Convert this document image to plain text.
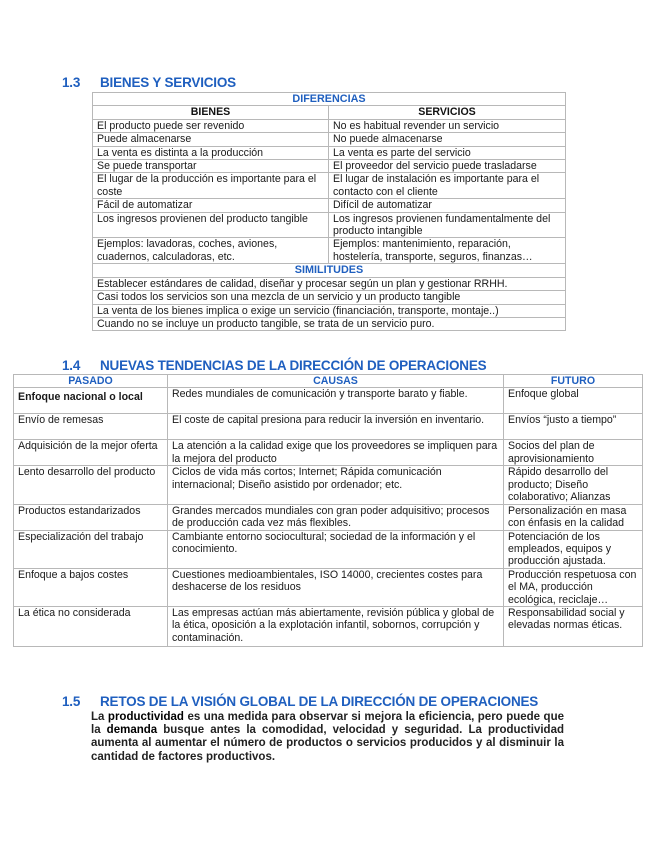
1.3 BIENES Y SERVICIOS
DIFERENCIAS	
BIENES	SERVICIOS
El producto puede ser revenido	No es habitual revender un servicio
Puede almacenarse	No puede almacenarse
La venta es distinta a la producción	La venta es parte del servicio
Se puede transportar	El proveedor del servicio puede trasladarse
El lugar de la producción es importante para el coste	El lugar de instalación es importante para el contacto con el cliente
Fácil de automatizar	Difícil de automatizar
Los ingresos provienen del producto tangible	Los ingresos provienen fundamentalmente del producto intangible
Ejemplos: lavadoras, coches, aviones, cuadernos, calculadoras, etc.	Ejemplos: mantenimiento, reparación, hostelería, transporte, seguros, finanzas…
SIMILITUDES	
Establecer estándares de calidad, diseñar y procesar según un plan y gestionar RRHH.	
Casi todos los servicios son una mezcla de un servicio y un producto tangible	
La venta de los bienes implica o exige un servicio (financiación, transporte, montaje..)	
Cuando no se incluye un producto tangible, se trata de un servicio puro.	
1.4 NUEVAS TENDENCIAS DE LA DIRECCIÓN DE OPERACIONES
PASADO	CAUSAS	FUTURO
Enfoque nacional o local	Redes mundiales de comunicación y transporte barato y fiable.	Enfoque global
Envío de remesas	El coste de capital presiona para reducir la inversión en inventario.	Envíos “justo a tiempo”
Adquisición de la mejor oferta	La atención a la calidad exige que los proveedores se impliquen para la mejora del producto	Socios del plan de aprovisionamiento
Lento desarrollo del producto	Ciclos de vida más cortos; Internet; Rápida comunicación internacional; Diseño asistido por ordenador; etc.	Rápido desarrollo del producto; Diseño colaborativo; Alianzas
Productos estandarizados	Grandes mercados mundiales con gran poder adquisitivo; procesos de producción cada vez más flexibles.	Personalización en masa con énfasis en la calidad
Especialización del trabajo	Cambiante entorno sociocultural; sociedad de la información y el conocimiento.	Potenciación de los empleados, equipos y producción ajustada.
Enfoque a bajos costes	Cuestiones medioambientales, ISO 14000, crecientes costes para deshacerse de los residuos	Producción respetuosa con el MA, producción ecológica, reciclaje…
La ética no considerada	Las empresas actúan más abiertamente, revisión pública y global de la ética, oposición a la explotación infantil, sobornos, corrupción y contaminación.	Responsabilidad social y elevadas normas éticas.
1.5 RETOS DE LA VISIÓN GLOBAL DE LA DIRECCIÓN DE OPERACIONES
La productividad es una medida para observar si mejora la eficiencia, pero puede que la demanda busque antes la comodidad, velocidad y seguridad. La productividad aumenta al aumentar el número de productos o servicios producidos y al disminuir la cantidad de factores productivos.
